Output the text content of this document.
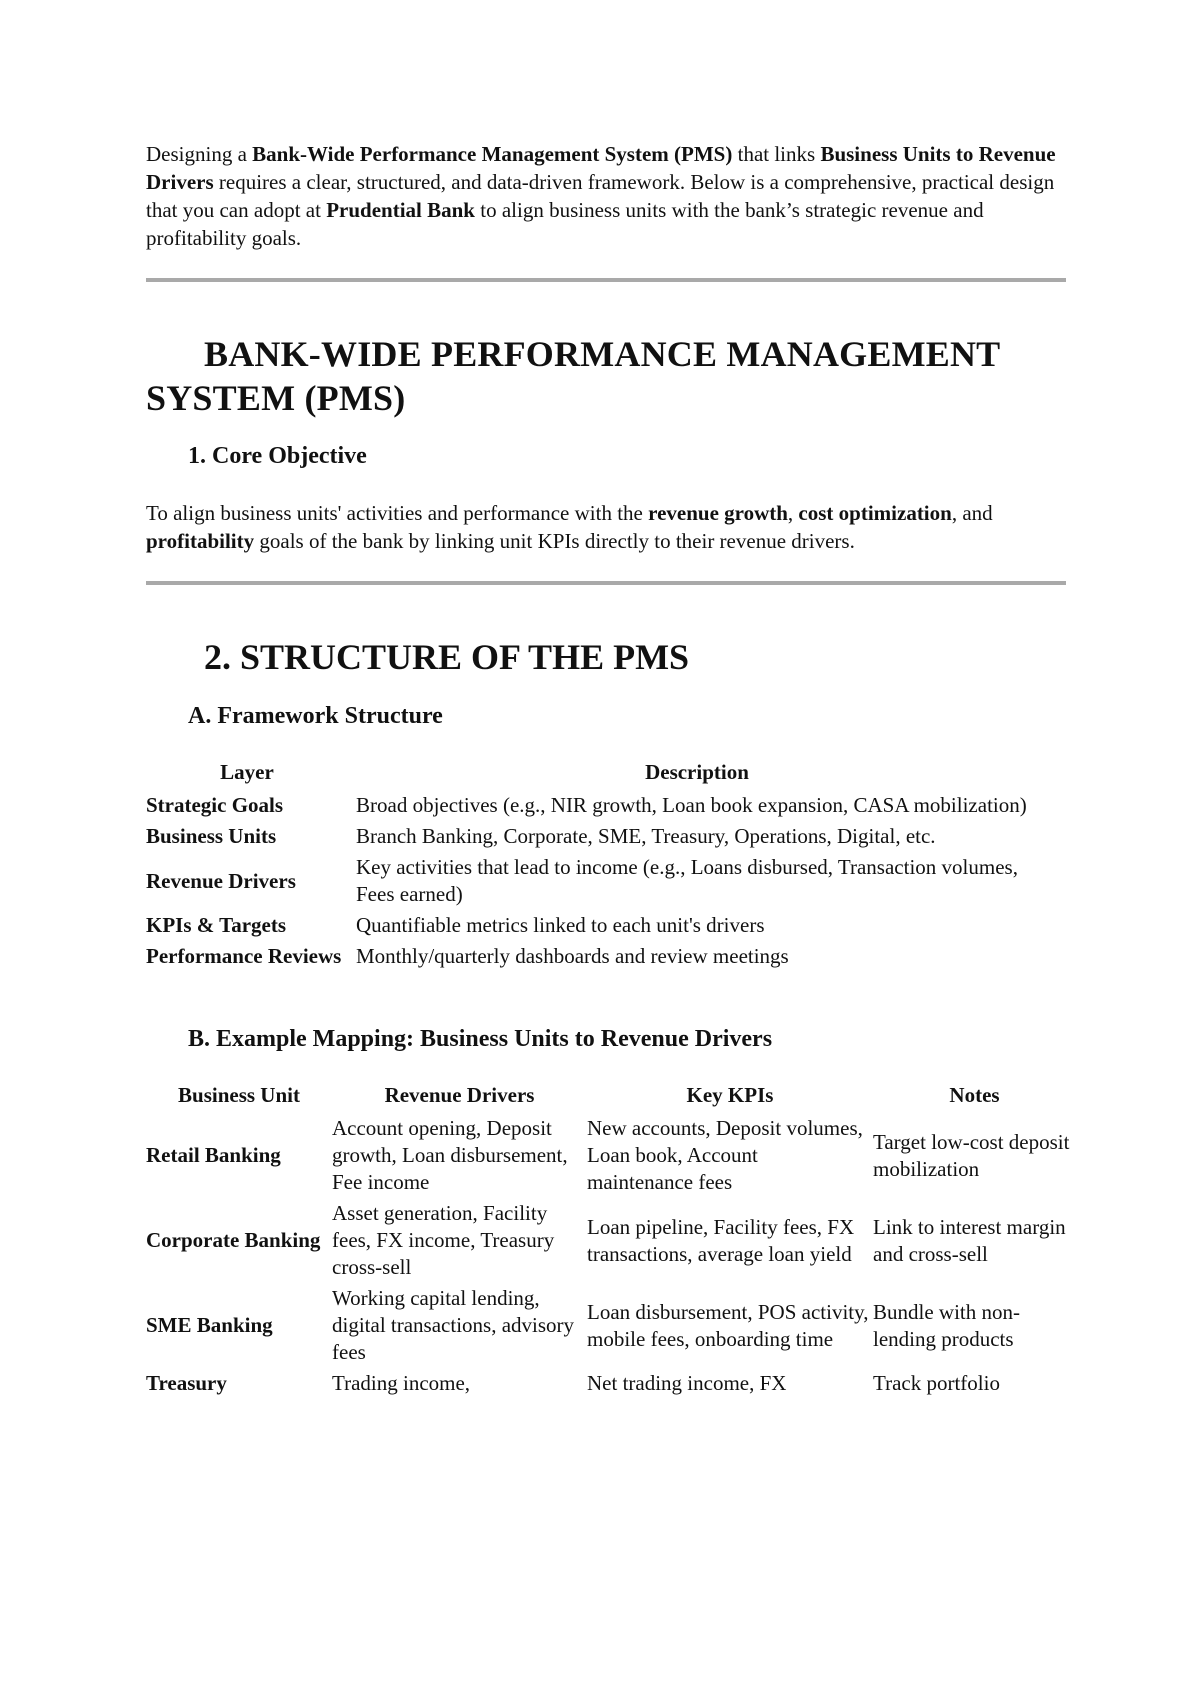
Designing a Bank-Wide Performance Management System (PMS) that links Business Units to Revenue Drivers requires a clear, structured, and data-driven framework. Below is a comprehensive, practical design that you can adopt at Prudential Bank to align business units with the bank’s strategic revenue and profitability goals.

BANK-WIDE PERFORMANCE MANAGEMENT SYSTEM (PMS)
1. Core Objective

To align business units' activities and performance with the revenue growth, cost optimization, and profitability goals of the bank by linking unit KPIs directly to their revenue drivers.

2. STRUCTURE OF THE PMS
A. Framework Structure
Layer	Description
Strategic Goals	Broad objectives (e.g., NIR growth, Loan book expansion, CASA mobilization)
Business Units	Branch Banking, Corporate, SME, Treasury, Operations, Digital, etc.
Revenue Drivers	Key activities that lead to income (e.g., Loans disbursed, Transaction volumes, Fees earned)
KPIs & Targets	Quantifiable metrics linked to each unit's drivers
Performance Reviews	Monthly/quarterly dashboards and review meetings
B. Example Mapping: Business Units to Revenue Drivers
Business Unit	Revenue Drivers	Key KPIs	Notes
Retail Banking	Account opening, Deposit growth, Loan disbursement, Fee income	New accounts, Deposit volumes, Loan book, Account maintenance fees	Target low-cost deposit mobilization
Corporate Banking	Asset generation, Facility fees, FX income, Treasury cross-sell	Loan pipeline, Facility fees, FX transactions, average loan yield	Link to interest margin and cross-sell
SME Banking	Working capital lending, digital transactions, advisory fees	Loan disbursement, POS activity, mobile fees, onboarding time	Bundle with non-lending products
Treasury	Trading income,	Net trading income, FX	Track portfolio
